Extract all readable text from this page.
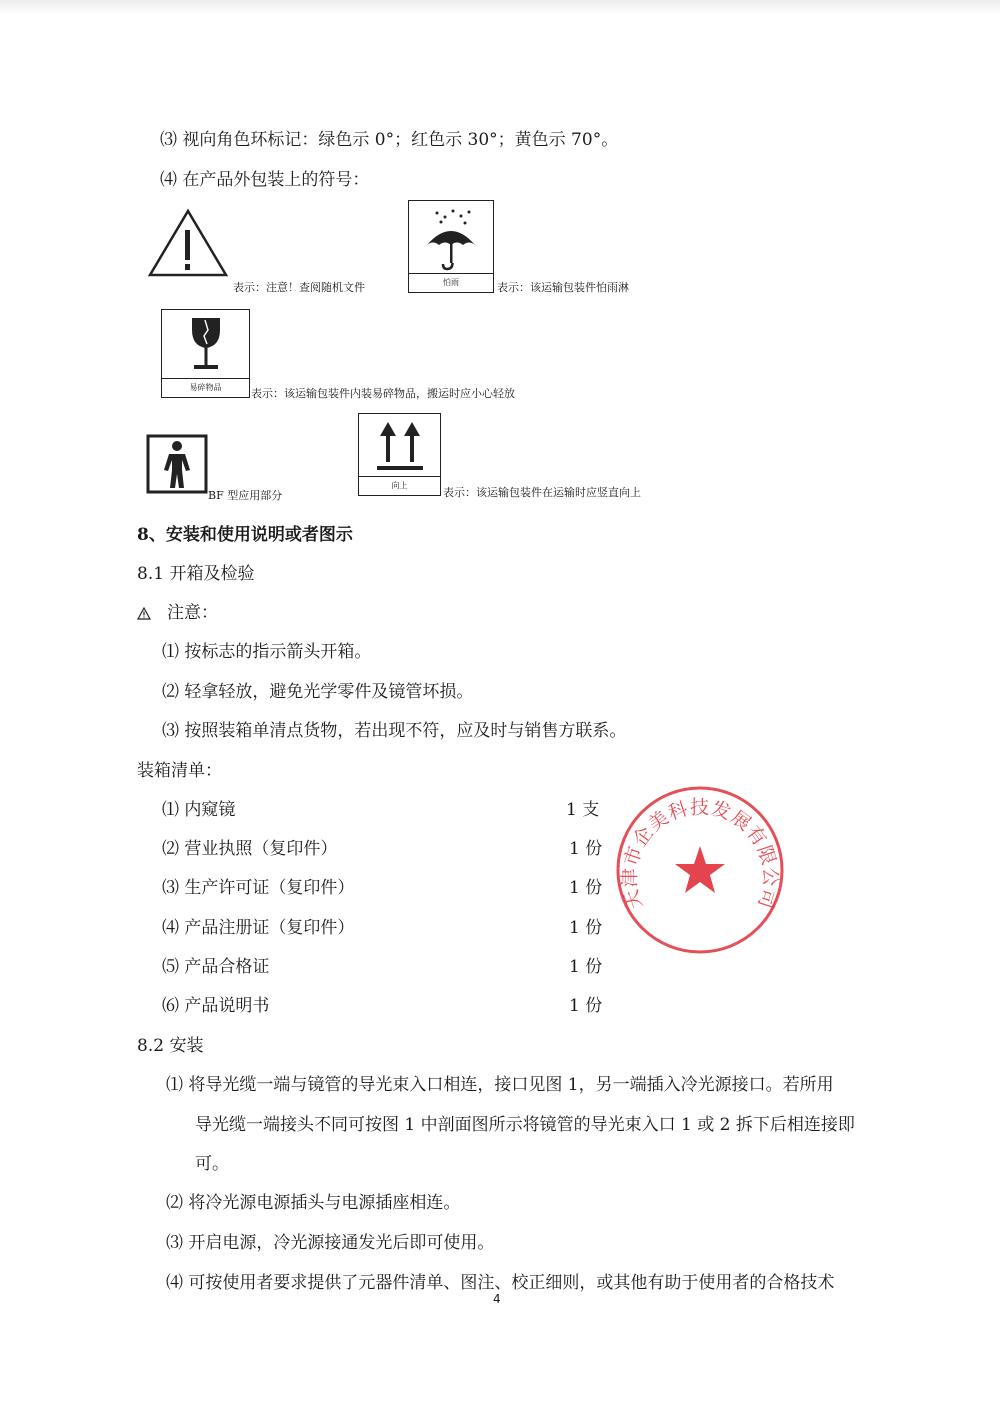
⑶ 视向角色环标记：绿色示 0°；红色示 30°；黄色示 70°。
⑷ 在产品外包装上的符号：
表示：注意！查阅随机文件	怕雨	表示：该运输包装件怕雨淋
易碎物品	表示：该运输包装件内装易碎物品，搬运时应小心轻放
BF 型应用部分
向上
表示：该运输包装件在运输时应竖直向上
8、安装和使用说明或者图示
8.1 开箱及检验
注意：
⑴ 按标志的指示箭头开箱。
⑵ 轻拿轻放，避免光学零件及镜管坏损。
⑶ 按照装箱单清点货物，若出现不符，应及时与销售方联系。
装箱清单：
⑴ 内窥镜	1 支
⑵ 营业执照（复印件）	1 份
⑶ 生产许可证（复印件）	1 份
⑷ 产品注册证（复印件）	1 份
⑸ 产品合格证	1 份
⑹ 产品说明书	1 份
天津市企美科技发展有限公司
8.2 安装
⑴ 将导光缆一端与镜管的导光束入口相连，接口见图 1，另一端插入冷光源接口。若所用
导光缆一端接头不同可按图 1 中剖面图所示将镜管的导光束入口 1 或 2 拆下后相连接即
可。
⑵ 将冷光源电源插头与电源插座相连。
⑶ 开启电源，冷光源接通发光后即可使用。
⑷ 可按使用者要求提供了元器件清单、图注、校正细则，或其他有助于使用者的合格技术
4
